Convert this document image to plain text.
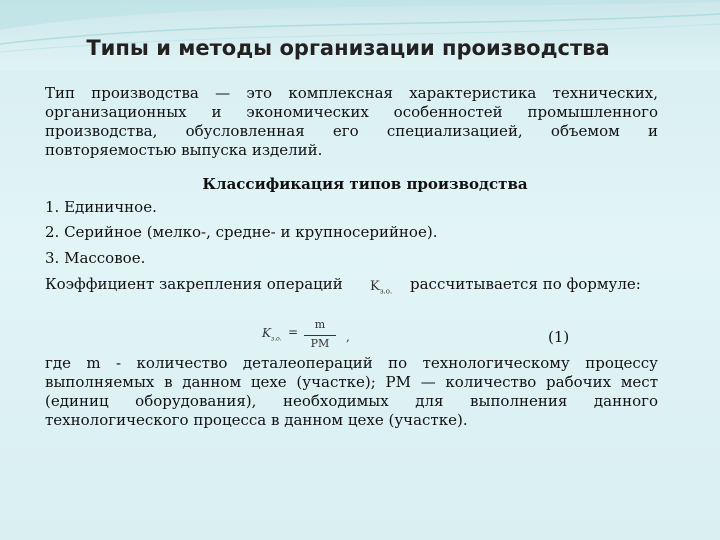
Типы и методы организации производства
Тип производства — это комплексная характеристика технических, организационных и экономических особенностей промышленного производства, обусловленная его специализацией, объемом и повторяемостью выпуска изделий.
Классификация типов производства
1. Единичное.
2. Серийное (мелко-, средне- и крупносерийное).
3. Массовое.
Коэффициент закрепления операций $K_{з.о.}$ рассчитывается по формуле:
$K_{з.о.}$ =
m
РМ	,	(1)
где m - количество деталеопераций по технологическому процессу выполняемых в данном цехе (участке); РМ — количество рабочих мест (единиц оборудования), необходимых для выполнения данного технологического процесса в данном цехе (участке).
